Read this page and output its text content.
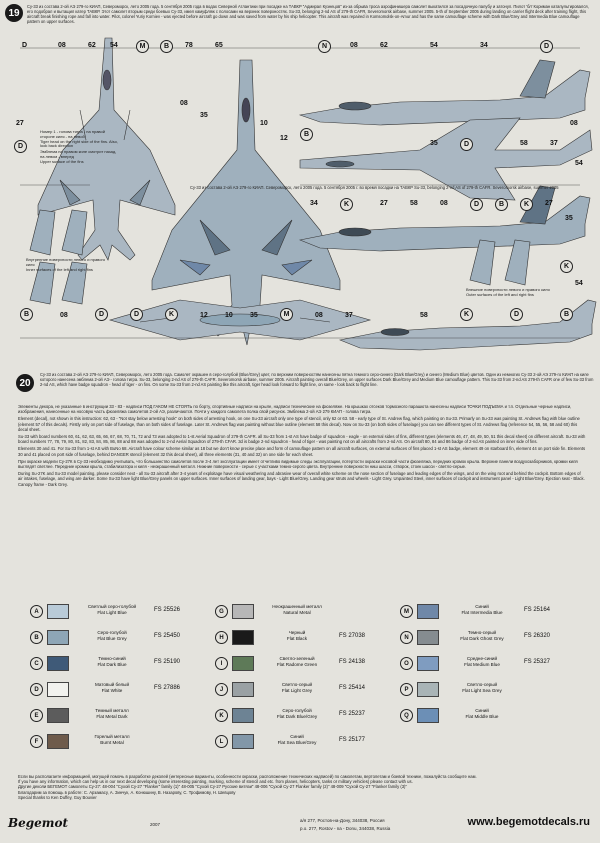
D	08	62 54	M	B	78	65	N	08	62	54	34	D
27
D
08
35
10
12
B
35	D	58	37
08
54
34	K	27	58	08	D	B	K	27
35
K
54
B	08	D	D	K	12 10 35	M	08	37	58	K	D	B
19
Су-33 из состава 2-ой АЭ 279-го КИАП, Североморск, лето 2005 года. 5 сентября 2005 года в водах Северной Атлантики при посадке на ТАВКР "Адмирал Кузнецов" из-за обрыва троса аэрофинишера самолет выкатился за посадочную палубу и затонул. Пилот 'бл' Кориман катапультировался, его подобрал и вытащил катер ТАВКР. Этот самолет вторым среди боевых Су-33, имел камуфляж с полосами на верхних поверхностях. Su-33, belonging 2-nd AS of 279-th CAFR, Severomorsk airbase, summer 2005. 5-th of September 2005 during landing on carrier flight deck after training flight, this aircraft break finishing rope and fall into water. Pilot, colonel Yuriy Korniev - was ejected before aircraft go down and was saved from water by his ship helicopter. This aircraft was repaired in Komsomolsk-on-Amur and has the same camouflage scheme with Dark Blue/Grey and Intermedia Blue camouflage pattern on upper surfaces.
Су-33 из состава 2-ой АЭ 279-го КИАП. Североморск, лето 2005 года. 5 сентября 2005 г. во время посадки на ТАВКР Su-33, belonging 2-nd AS of 279-th CAFR. Severomorsk airbase, summer 2005
Номер 1 - голова тигра - на правой стороне киля - на левой
Tiger head on the right side of the fins. Also, look back direction
Эмблема на правом киле смотрит назад, на левом - вперед
Upper surface of the fins
Внутренние поверхности левого и правого киля
Inner surfaces of the left and right fins
Внешние поверхности левого и правого киля
Outer surfaces of the left and right fins
20
Су-33 из состава 2-ой АЭ 279-го КИАП, Североморск, лето 2005 года. Самолет окрашен в серо-голубой (Blue/Grey) цвет, по верхним поверхностям нанесены пятна темного серо-синего (Dark Blue/Grey) и синего (Medium Blue) цветов. Один из немногих Су-33 2-ой АЭ 279-го КИАП на киле которого нанесена эмблема 2-ой АЭ - голова тигра. Su-33, belonging 2-nd AS of 279-th CAFR. Severomorsk airbase, summer 2005. Aircraft painting overall Blue/Grey, on upper surfaces Dark Blue/Grey and Medium Blue camouflage pattern. This Su-33 from 2-nd AS 279-th CAFR one of few Su-33 from 2-nd AS, which have badge squadron - head of tiger - on fins. On some Su-33 from 2-nd AS painting like this aircraft, tiger head look forward to flight line, on same - look back to flight line.

Элементы декора, не указанные в инструкции 33 - 83 - надписи ПОД ГАКОМ НЕ СТОЯТЬ по борту, спортивные надписи на крыле, надписи технические на фюзеляже. На крышках отсеков тормозного парашюта нанесены надписи ТОЧКИ ПОДЪЕМА и т.п. Отдельные черные надписи, изображения, нанесенные на носовую часть фюзеляжа самолетов 2-ой АЭ, различаются. Почти у каждого самолета полка свой рисунок. Эмблема 2-ой АЭ 279 КИАП - голова тигра.

Element (decal), not shown in this instruction: 62, 63 - "Not stay below arresting hook" on both sides of arresting hook, on one Su-33 aircraft only one type of stencil, only 62 or 63. 58 - early type of St. Andrew flag, which painting on Su-33. Primarly on Su-33 was painting St. Andrews flag with blue outline (element 57 of this decals). Firstly only on port side of fuselage, than on both sides of fuselage. Later St. Andrews flag was painting without blue outline (element 58 this decal). Now on Su-33 (on both sides of fuselage) you can see different types of St. Andrews flag (reference 54, 55, 56, 58 and 60) this decal sheet.

Su-33 with board numbers 60, 61, 62, 63, 65, 66, 67, 68, 70, 71, 72 and 73 was adopted to 1-st Aerial Squadron of 279-th CAFR. all Su-33 from 1-st AS have badge of squadron - eagle - on external sides of fins, different types (elements 46, 47, 48, 49, 50, 51 this decal sheet) on different aircraft. Su-33 with board numbers 77, 78, 79, 80, 81, 82, 83, 84, 85, 86, 88 and 88 was adopted to 2-nd Aerial Squadron of 279-th CFAR. 3d is badge 2-nd squadron - head of tiger - was painting not on all aircrafts from 2-nd AS. On aircraft 80, 84 and 86 badge of 2-nd AS painted on inner side of fins.

Elements 30 and 41. For Su-33 from 1-st AS with BuNo 68. Aircraft have colour scheme similar as 18 but we don't know precise place and form of camouflage pattern on all aircraft surfaces, on external surfaces of fins placed 1-st AS badge, element 49 on starboard fin, element 44 on port side fin. Elements 30 and 41 placed on port side of fuselage, behind DANGER stencil (element 32 this decal sheet), all three elements (31, 40 and 32) on one side for each sheet.

При окраске модели Су-27К в Су-33 необходимо учитывать, что большинство самолетов после 3-4 лет эксплуатации имеет отчетливо видимые следы эксплуатации, потертости окраски носовой части фюзеляжа, передних кромок крыла. Верхние панели воздухозаборников, кромки киля выглядят светлее. Передние кромки крыла, стабилизатора и киля - неокрашенный металл. Нижние поверхности - серые с участками темно-серого цвета. Внутренние поверхности ниш шасси, створок, стоек шасси - светло-серые.

During Su-27K and Su-33 model painting, please consider next - all Su-33 aircraft after 3-4 years of exploitage have visual weathering and abrasive wear of overall white scheme on the nose section of fuselage and leading edges of the wings, and on the wing root and behind the cockpit. Bottom edges of air intakes, fuselage, and wing are darker. Some Su-33 have light Blue/Grey panels on upper surfaces. Inner surfaces of landing gear, bays - Light Blue/Grey. Landing gear struts and wheels - Light Grey. Unpainted Steel, inner surfaces of cockpit and instrument panel - Light Blue/Grey. Ejection seat - Black. Canopy frame - Dark Grey.

A
Светлый серо-голубой
Flat Light Blue	FS 25526
B
Серо-голубой
Flat Blue Grey	FS 25450
C
Темно-синий
Flat Dark Blue	FS 25190
D
Матовый белый
Flat White	FS 27886
E
Темный металл
Flat Metal Dark
F
Горелый металл
Burnt Metal
G
Неокрашенный металл
Natural Metal
H
Черный
Flat Black	FS 27038
I
Светло-зеленый
Flat Radome Green	FS 24138
J
Светло-серый
Flat Light Grey	FS 25414
K
Серо-голубой
Flat Dark Blue/Grey	FS 25237
L
Синий
Flat Sea Blue/Grey	FS 25177
M
Синий
Flat Intermedia Blue	FS 25164
N
Темно-серый
Flat Dark Ghost Grey	FS 26320
O
Средне-синий
Flat Medium Blue	FS 25327
P
Светло-серый
Flat Light Sea Grey
Q
Синий
Flat Middle Blue

Если вы располагаете информацией, могущей помочь в разработке деколей (интересные варианты, особенности окраски, расположение технических надписей) по самолетам, вертолетам и боевой технике, пожалуйста сообщите нам.

If you have any information, which can help us in our next decal developing (some interesting painting, marking, scheme of stencil and etc. from planes, helicopters, tanks or military vehicles) please contact with us.

Другие деколи БЕГЕМОТ самолеты Су-27: 48-004 "Сухой Су-27 "Flanker" family (1)" 48-005 "Сухой Су-27 Русские витязи" 48-006 "Сухой Су-27 Flanker family (2)" 48-009 "Сухой Су-27 "Flanker family (3)"

Благодарим за помощь в работе: С. Арзамасу, А. Зинчук, А. Конюшину, В. Назарову, С. Трофимову, Н. Шевцову

Special thanks to Ken Duffey, Guy Bouvier

Begemot	2007
а/я 277, Ростов-на-Дону, 344038, Россия
p.o. 277, Rostov - na - Donu, 344038, Russia
www.begemotdecals.ru
